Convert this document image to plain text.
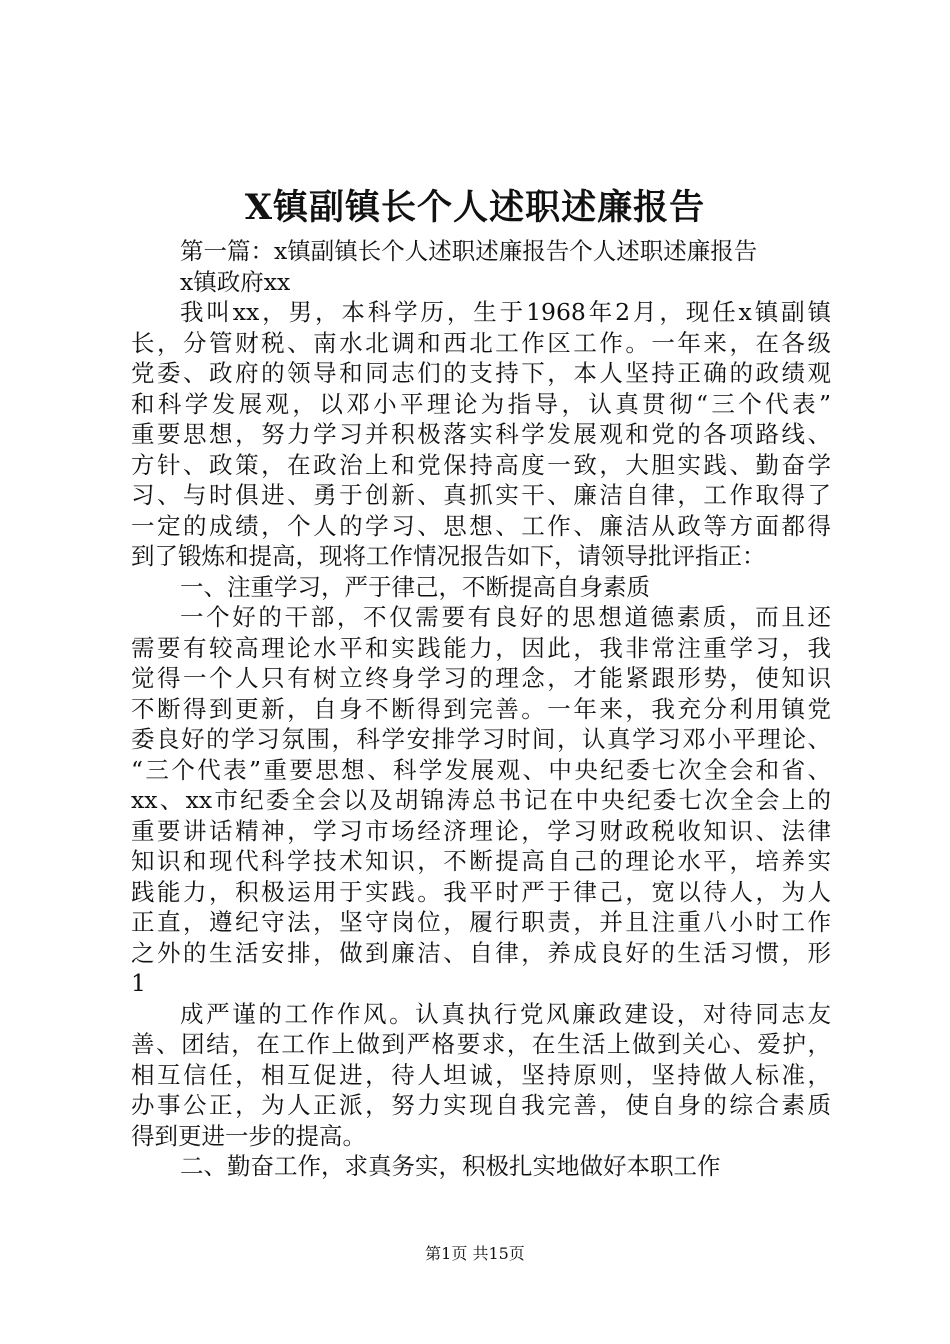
X镇副镇长个人述职述廉报告
第一篇：x镇副镇长个人述职述廉报告个人述职述廉报告
x镇政府xx
我叫xx，男，本科学历，生于1968年2月，现任x镇副镇
长，分管财税、南水北调和西北工作区工作。一年来，在各级
党委、政府的领导和同志们的支持下，本人坚持正确的政绩观
和科学发展观，以邓小平理论为指导，认真贯彻“三个代表”
重要思想，努力学习并积极落实科学发展观和党的各项路线、
方针、政策，在政治上和党保持高度一致，大胆实践、勤奋学
习、与时俱进、勇于创新、真抓实干、廉洁自律，工作取得了
一定的成绩，个人的学习、思想、工作、廉洁从政等方面都得
到了锻炼和提高，现将工作情况报告如下，请领导批评指正：
一、注重学习，严于律己，不断提高自身素质
一个好的干部，不仅需要有良好的思想道德素质，而且还
需要有较高理论水平和实践能力，因此，我非常注重学习，我
觉得一个人只有树立终身学习的理念，才能紧跟形势，使知识
不断得到更新，自身不断得到完善。一年来，我充分利用镇党
委良好的学习氛围，科学安排学习时间，认真学习邓小平理论、
“三个代表”重要思想、科学发展观、中央纪委七次全会和省、
xx、xx市纪委全会以及胡锦涛总书记在中央纪委七次全会上的
重要讲话精神，学习市场经济理论，学习财政税收知识、法律
知识和现代科学技术知识，不断提高自己的理论水平，培养实
践能力，积极运用于实践。我平时严于律己，宽以待人，为人
正直，遵纪守法，坚守岗位，履行职责，并且注重八小时工作
之外的生活安排，做到廉洁、自律，养成良好的生活习惯，形
1
成严谨的工作作风。认真执行党风廉政建设，对待同志友
善、团结，在工作上做到严格要求，在生活上做到关心、爱护，
相互信任，相互促进，待人坦诚，坚持原则，坚持做人标准，
办事公正，为人正派，努力实现自我完善，使自身的综合素质
得到更进一步的提高。
二、勤奋工作，求真务实，积极扎实地做好本职工作
第1页 共15页
